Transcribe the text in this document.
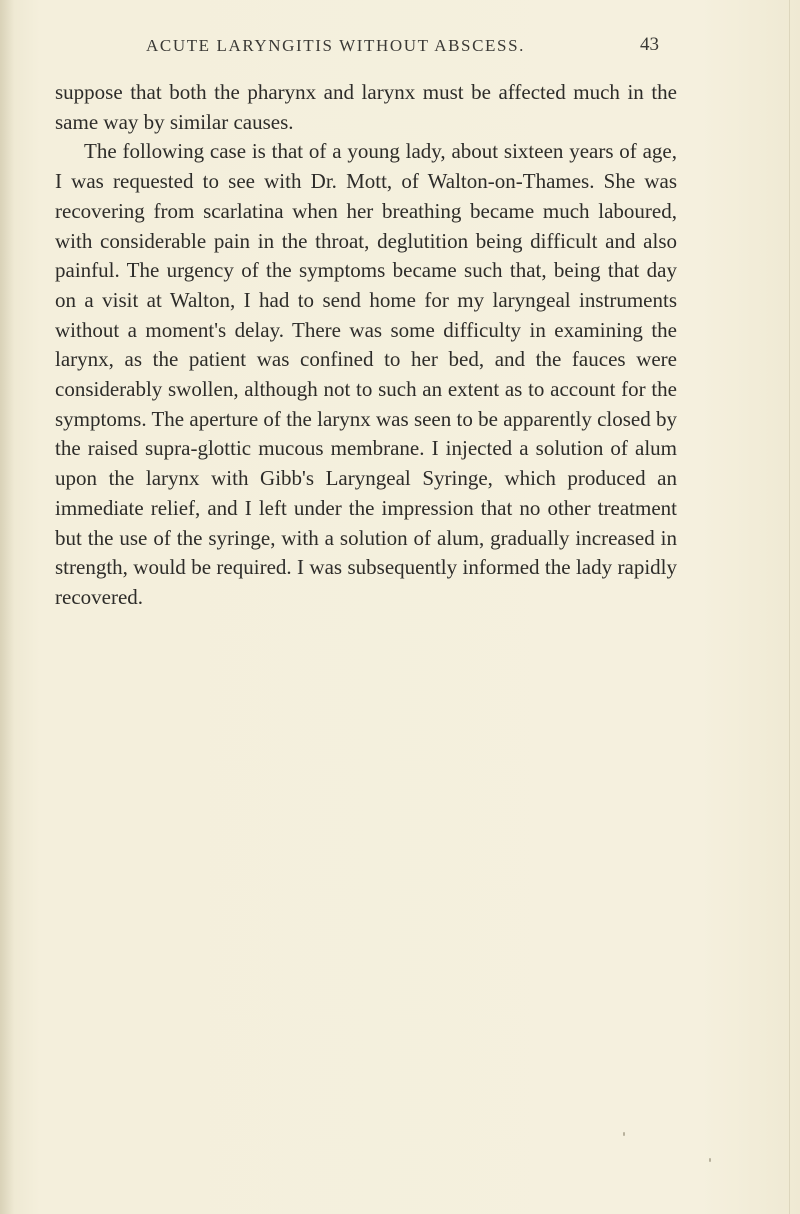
ACUTE LARYNGITIS WITHOUT ABSCESS.	43

suppose that both the pharynx and larynx must be affected much in the same way by similar causes.

The following case is that of a young lady, about sixteen years of age, I was requested to see with Dr. Mott, of Walton-on-Thames. She was recovering from scarlatina when her breathing became much laboured, with considerable pain in the throat, deglutition being difficult and also painful. The urgency of the symptoms became such that, being that day on a visit at Walton, I had to send home for my laryngeal instruments without a moment's delay. There was some difficulty in examining the larynx, as the patient was confined to her bed, and the fauces were considerably swollen, although not to such an extent as to account for the symptoms. The aperture of the larynx was seen to be apparently closed by the raised supra-glottic mucous membrane. I injected a solution of alum upon the larynx with Gibb's Laryngeal Syringe, which produced an immediate relief, and I left under the impression that no other treatment but the use of the syringe, with a solution of alum, gradually increased in strength, would be required. I was subsequently informed the lady rapidly recovered.
